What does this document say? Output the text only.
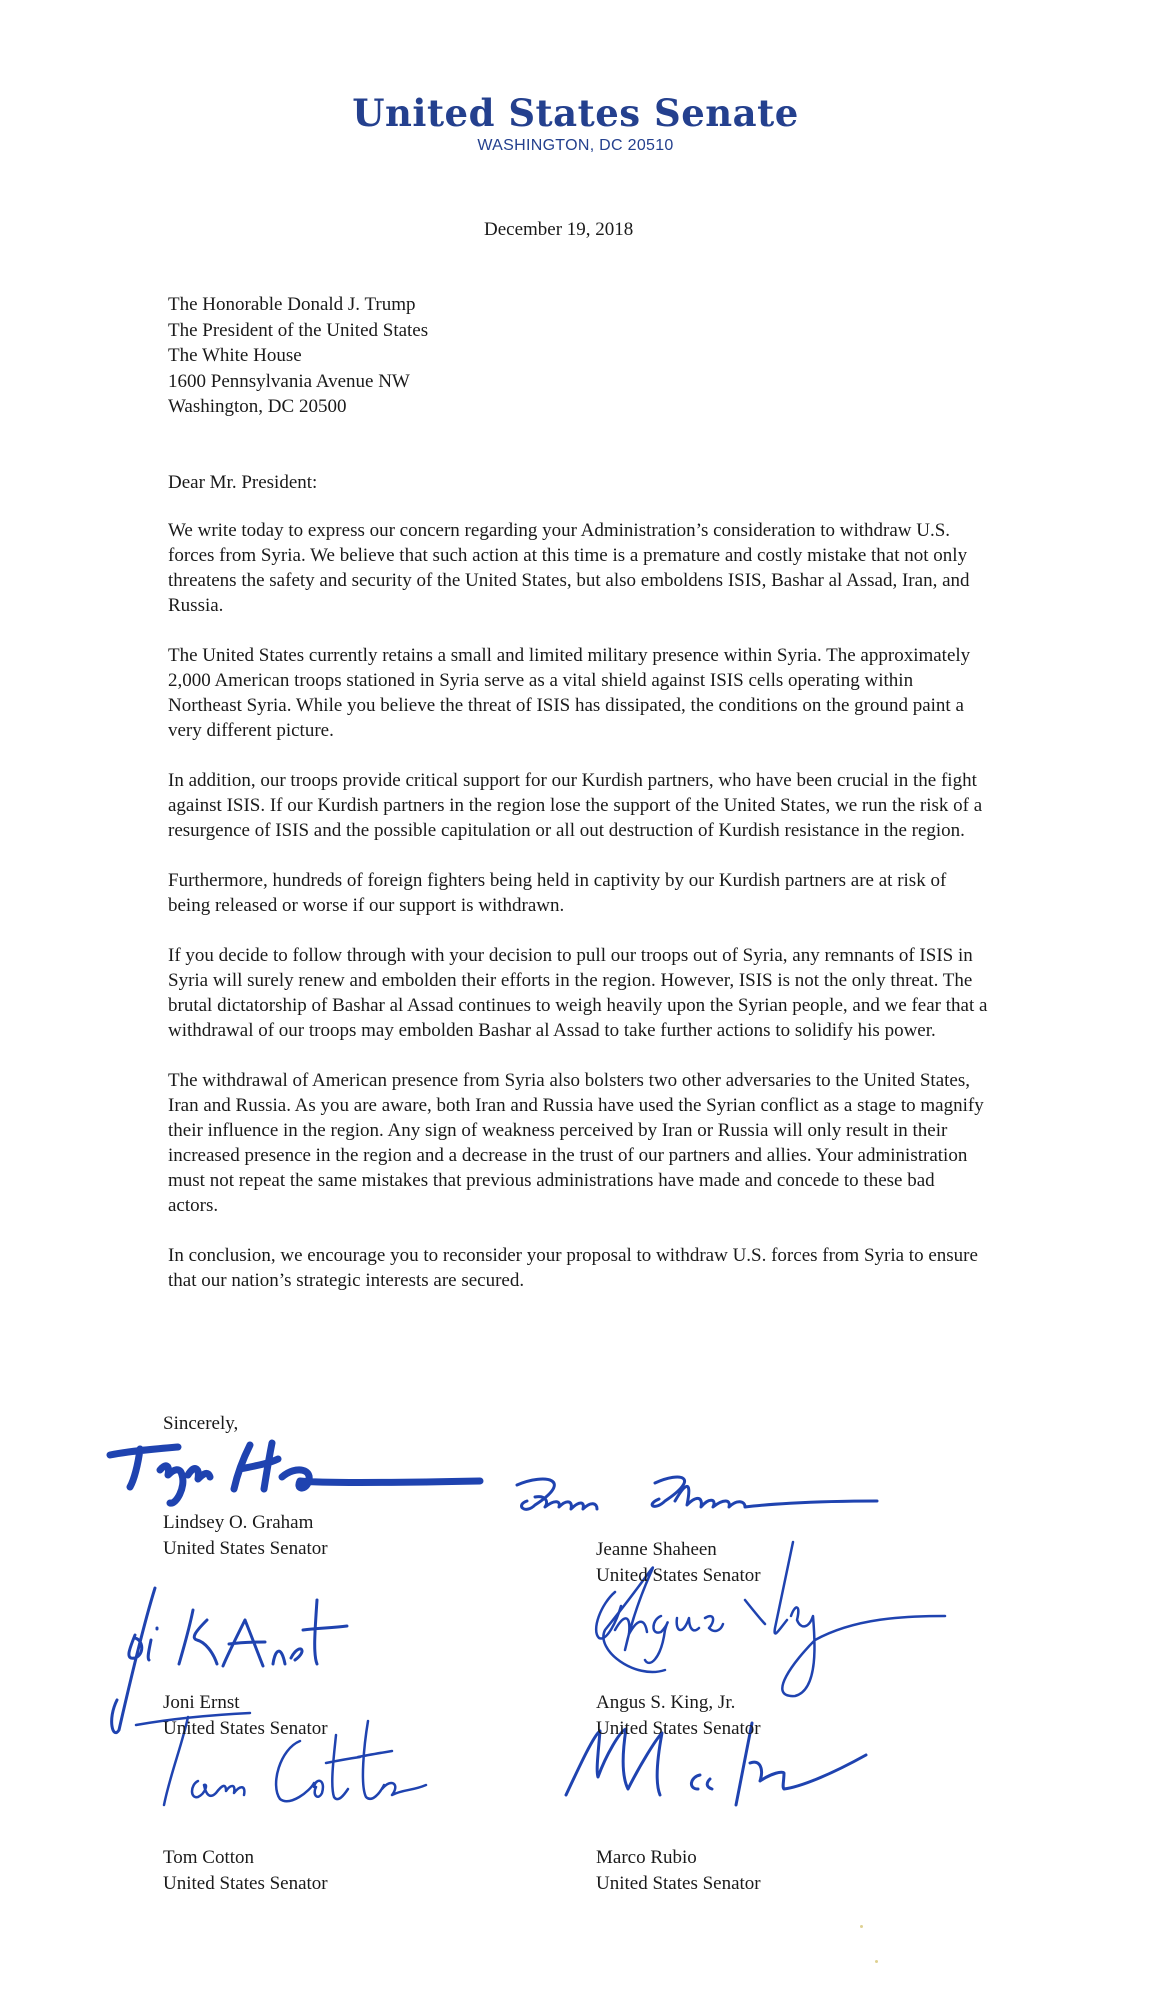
United States Senate
WASHINGTON, DC 20510
December 19, 2018
The Honorable Donald J. Trump
The President of the United States
The White House
1600 Pennsylvania Avenue NW
Washington, DC 20500
Dear Mr. President:

We write today to express our concern regarding your Administration’s consideration to withdraw U.S. forces from Syria. We believe that such action at this time is a premature and costly mistake that not only threatens the safety and security of the United States, but also emboldens ISIS, Bashar al Assad, Iran, and Russia.

The United States currently retains a small and limited military presence within Syria. The approximately 2,000 American troops stationed in Syria serve as a vital shield against ISIS cells operating within Northeast Syria. While you believe the threat of ISIS has dissipated, the conditions on the ground paint a very different picture.

In addition, our troops provide critical support for our Kurdish partners, who have been crucial in the fight against ISIS. If our Kurdish partners in the region lose the support of the United States, we run the risk of a resurgence of ISIS and the possible capitulation or all out destruction of Kurdish resistance in the region.

Furthermore, hundreds of foreign fighters being held in captivity by our Kurdish partners are at risk of being released or worse if our support is withdrawn.

If you decide to follow through with your decision to pull our troops out of Syria, any remnants of ISIS in Syria will surely renew and embolden their efforts in the region. However, ISIS is not the only threat. The brutal dictatorship of Bashar al Assad continues to weigh heavily upon the Syrian people, and we fear that a withdrawal of our troops may embolden Bashar al Assad to take further actions to solidify his power.

The withdrawal of American presence from Syria also bolsters two other adversaries to the United States, Iran and Russia. As you are aware, both Iran and Russia have used the Syrian conflict as a stage to magnify their influence in the region. Any sign of weakness perceived by Iran or Russia will only result in their increased presence in the region and a decrease in the trust of our partners and allies. Your administration must not repeat the same mistakes that previous administrations have made and concede to these bad actors.

In conclusion, we encourage you to reconsider your proposal to withdraw U.S. forces from Syria to ensure that our nation’s strategic interests are secured.

Sincerely,
Lindsey O. Graham
United States Senator	Jeanne Shaheen
United States Senator
Joni Ernst
United States Senator
Angus S. King, Jr.
United States Senator
Tom Cotton
United States Senator
Marco Rubio
United States Senator
